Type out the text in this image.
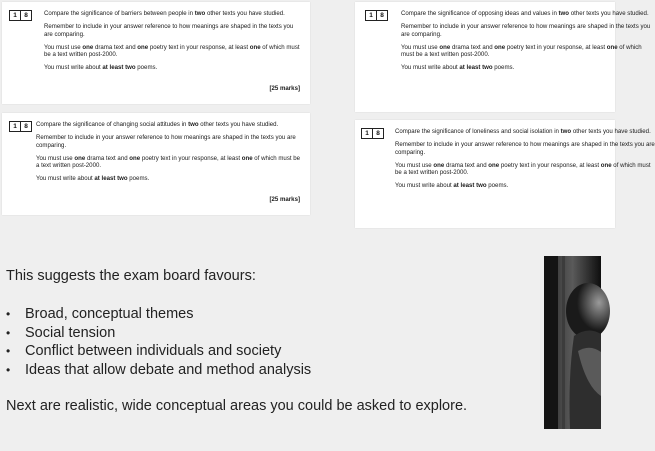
1	8	Compare the significance of barriers between people in two other texts you have studied.

Remember to include in your answer reference to how meanings are shaped in the texts you are comparing.

You must use one drama text and one poetry text in your response, at least one of which must be a text written post-2000.

You must write about at least two poems.

[25 marks]
1	8	Compare the significance of opposing ideas and values in two other texts you have studied.

Remember to include in your answer reference to how meanings are shaped in the texts you are comparing.

You must use one drama text and one poetry text in your response, at least one of which must be a text written post-2000.

You must write about at least two poems.

1	8	Compare the significance of changing social attitudes in two other texts you have studied.

Remember to include in your answer reference to how meanings are shaped in the texts you are comparing.

You must use one drama text and one poetry text in your response, at least one of which must be a text written post-2000.

You must write about at least two poems.

[25 marks]
1	8	Compare the significance of loneliness and social isolation in two other texts you have studied.

Remember to include in your answer reference to how meanings are shaped in the texts you are comparing.

You must use one drama text and one poetry text in your response, at least one of which must be a text written post-2000.

You must write about at least two poems.

This suggests the exam board favours:
•	Broad, conceptual themes
•	Social tension
•	Conflict between individuals and society
•	Ideas that allow debate and method analysis
Next are realistic, wide conceptual areas you could be asked to explore.
